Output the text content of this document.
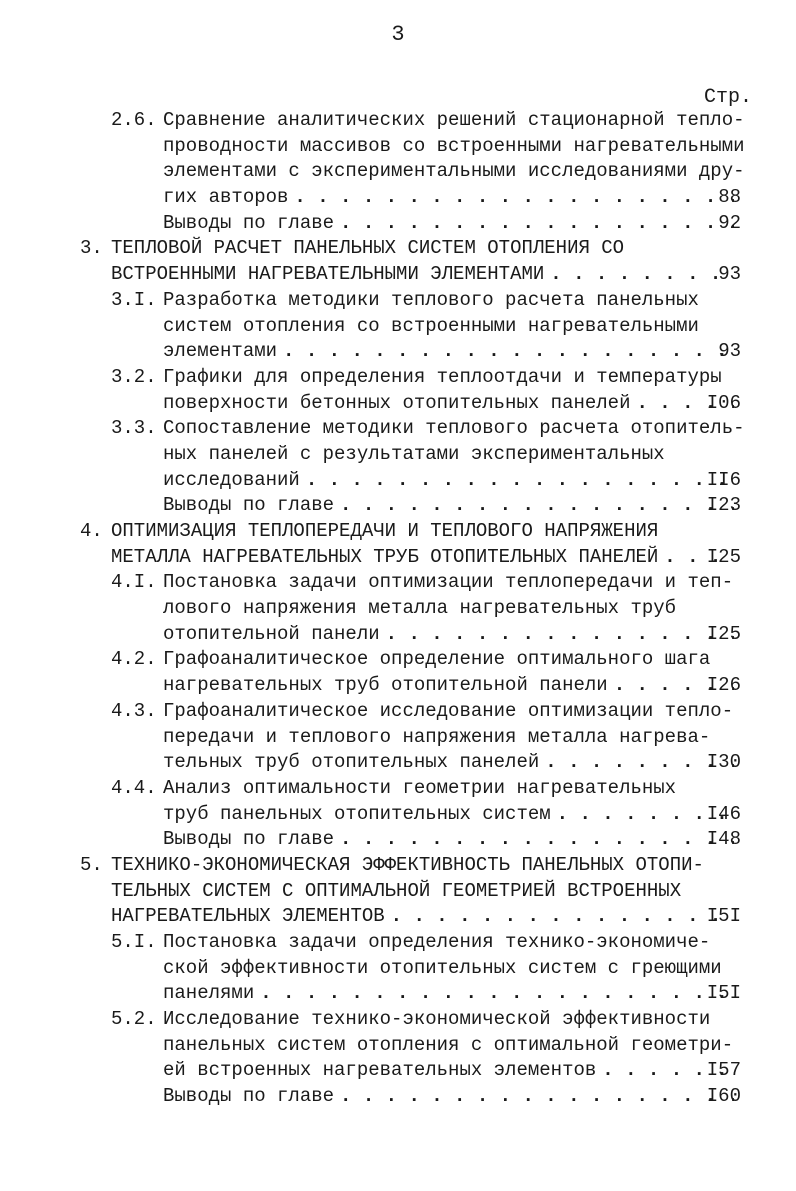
3
Стр.
2.6. Сравнение аналитических решений стационарной тепло-
проводности массивов со встроенными нагревательными
элементами с экспериментальными исследованиями дру-
гих авторов . . .	88
Выводы по главе . . .	92
3. ТЕПЛОВОЙ РАСЧЕТ ПАНЕЛЬНЫХ СИСТЕМ ОТОПЛЕНИЯ СО
ВСТРОЕННЫМИ НАГРЕВАТЕЛЬНЫМИ ЭЛЕМЕНТАМИ . . .	93
3.I. Разработка методики теплового расчета панельных
систем отопления со встроенными нагревательными
элементами . . .	93
3.2. Графики для определения теплоотдачи и температуры
поверхности бетонных отопительных панелей . . .	I06
3.3. Сопоставление методики теплового расчета отопитель-
ных панелей с результатами экспериментальных
исследований . . .	II6
Выводы по главе . . .	I23
4. ОПТИМИЗАЦИЯ ТЕПЛОПЕРЕДАЧИ И ТЕПЛОВОГО НАПРЯЖЕНИЯ
МЕТАЛЛА НАГРЕВАТЕЛЬНЫХ ТРУБ ОТОПИТЕЛЬНЫХ ПАНЕЛЕЙ . . .	I25
4.I. Постановка задачи оптимизации теплопередачи и теп-
лового напряжения металла нагревательных труб
отопительной панели . . .	I25
4.2. Графоаналитическое определение оптимального шага
нагревательных труб отопительной панели . . .	I26
4.3. Графоаналитическое исследование оптимизации тепло-
передачи и теплового напряжения металла нагрева-
тельных труб отопительных панелей . . .	I30
4.4. Анализ оптимальности геометрии нагревательных
труб панельных отопительных систем . . .	I46
Выводы по главе . . .	I48
5. ТЕХНИКО-ЭКОНОМИЧЕСКАЯ ЭФФЕКТИВНОСТЬ ПАНЕЛЬНЫХ ОТОПИ-
ТЕЛЬНЫХ СИСТЕМ С ОПТИМАЛЬНОЙ ГЕОМЕТРИЕЙ ВСТРОЕННЫХ
НАГРЕВАТЕЛЬНЫХ ЭЛЕМЕНТОВ . . .	I5I
5.I. Постановка задачи определения технико-экономиче-
ской эффективности отопительных систем с греющими
панелями . . .	I5I
5.2. Исследование технико-экономической эффективности
панельных систем отопления с оптимальной геометри-
ей встроенных нагревательных элементов . . .	I57
Выводы по главе . . .	I60
